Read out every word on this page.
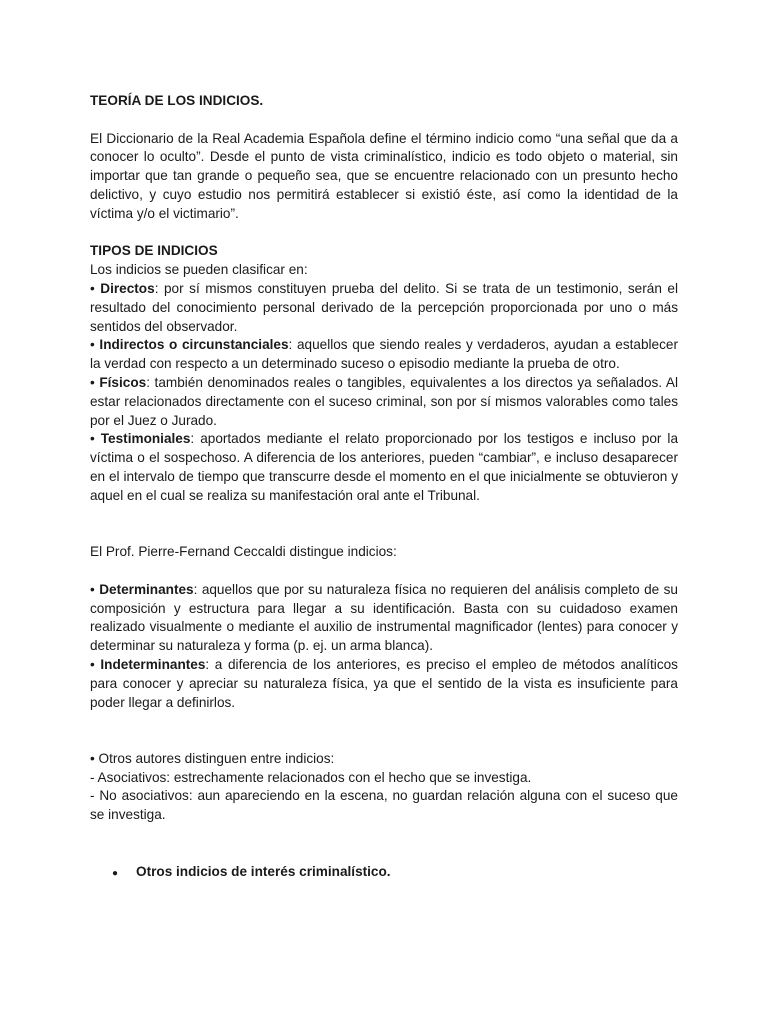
TEORÍA DE LOS INDICIOS.

El Diccionario de la Real Academia Española define el término indicio como “una señal que da a conocer lo oculto”. Desde el punto de vista criminalístico, indicio es todo objeto o material, sin importar que tan grande o pequeño sea, que se encuentre relacionado con un presunto hecho delictivo, y cuyo estudio nos permitirá establecer si existió éste, así como la identidad de la víctima y/o el victimario”.

TIPOS DE INDICIOS

Los indicios se pueden clasificar en:

• Directos: por sí mismos constituyen prueba del delito. Si se trata de un testimonio, serán el resultado del conocimiento personal derivado de la percepción proporcionada por uno o más sentidos del observador.

• Indirectos o circunstanciales: aquellos que siendo reales y verdaderos, ayudan a establecer la verdad con respecto a un determinado suceso o episodio mediante la prueba de otro.

• Físicos: también denominados reales o tangibles, equivalentes a los directos ya señalados. Al estar relacionados directamente con el suceso criminal, son por sí mismos valorables como tales por el Juez o Jurado.

• Testimoniales: aportados mediante el relato proporcionado por los testigos e incluso por la víctima o el sospechoso. A diferencia de los anteriores, pueden “cambiar”, e incluso desaparecer en el intervalo de tiempo que transcurre desde el momento en el que inicialmente se obtuvieron y aquel en el cual se realiza su manifestación oral ante el Tribunal.

El Prof. Pierre-Fernand Ceccaldi distingue indicios:

• Determinantes: aquellos que por su naturaleza física no requieren del análisis completo de su composición y estructura para llegar a su identificación. Basta con su cuidadoso examen realizado visualmente o mediante el auxilio de instrumental magnificador (lentes) para conocer y determinar su naturaleza y forma (p. ej. un arma blanca).

• Indeterminantes: a diferencia de los anteriores, es preciso el empleo de métodos analíticos para conocer y apreciar su naturaleza física, ya que el sentido de la vista es insuficiente para poder llegar a definirlos.

• Otros autores distinguen entre indicios:

- Asociativos: estrechamente relacionados con el hecho que se investiga.

- No asociativos: aun apareciendo en la escena, no guardan relación alguna con el suceso que se investiga.

●	Otros indicios de interés criminalístico.
